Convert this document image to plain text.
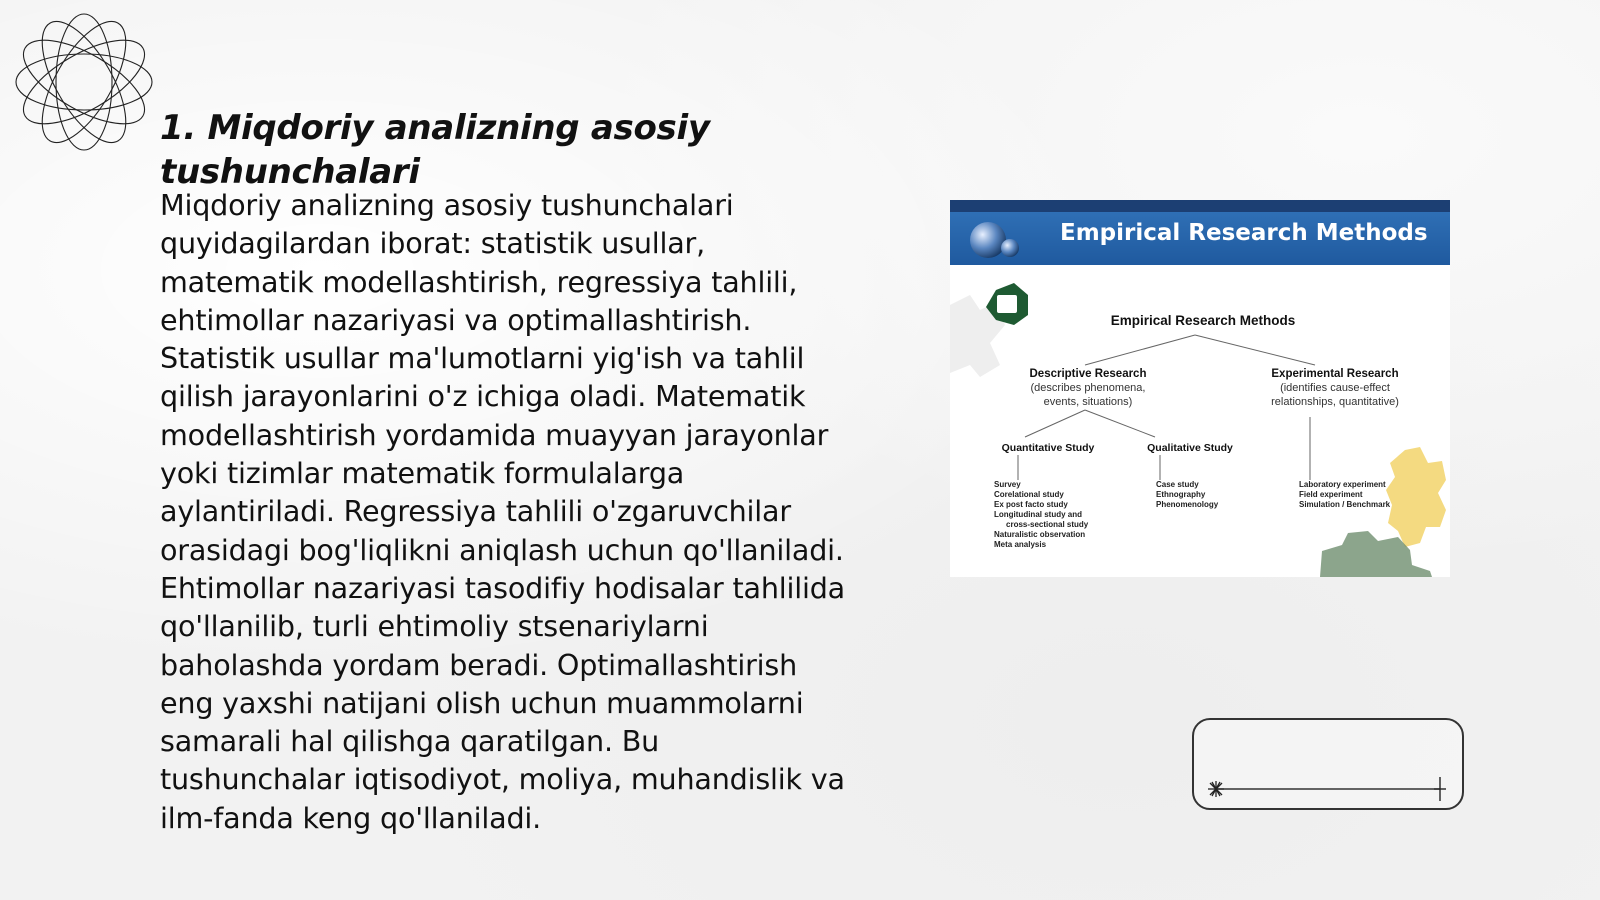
1. Miqdoriy analizning asosiy tushunchalari

Miqdoriy analizning asosiy tushunchalari quyidagilardan iborat: statistik usullar, matematik modellashtirish, regressiya tahlili, ehtimollar nazariyasi va optimallashtirish. Statistik usullar ma'lumotlarni yig'ish va tahlil qilish jarayonlarini o'z ichiga oladi. Matematik modellashtirish yordamida muayyan jarayonlar yoki tizimlar matematik formulalarga aylantiriladi. Regressiya tahlili o'zgaruvchilar orasidagi bog'liqlikni aniqlash uchun qo'llaniladi. Ehtimollar nazariyasi tasodifiy hodisalar tahlilida qo'llanilib, turli ehtimoliy stsenariylarni baholashda yordam beradi. Optimallashtirish eng yaxshi natijani olish uchun muammolarni samarali hal qilishga qaratilgan. Bu tushunchalar iqtisodiyot, moliya, muhandislik va ilm-fanda keng qo'llaniladi.

Empirical Research Methods
Empirical Research Methods
Descriptive Research
(describes phenomena,
events, situations)
Experimental Research
(identifies cause-effect
relationships, quantitative)
Quantitative Study	Qualitative Study
Survey
Corelational study
Ex post facto study
Longitudinal study and
cross-sectional study
Naturalistic observation
Meta analysis
Case study
Ethnography
Phenomenology
Laboratory experiment
Field experiment
Simulation / Benchmark
